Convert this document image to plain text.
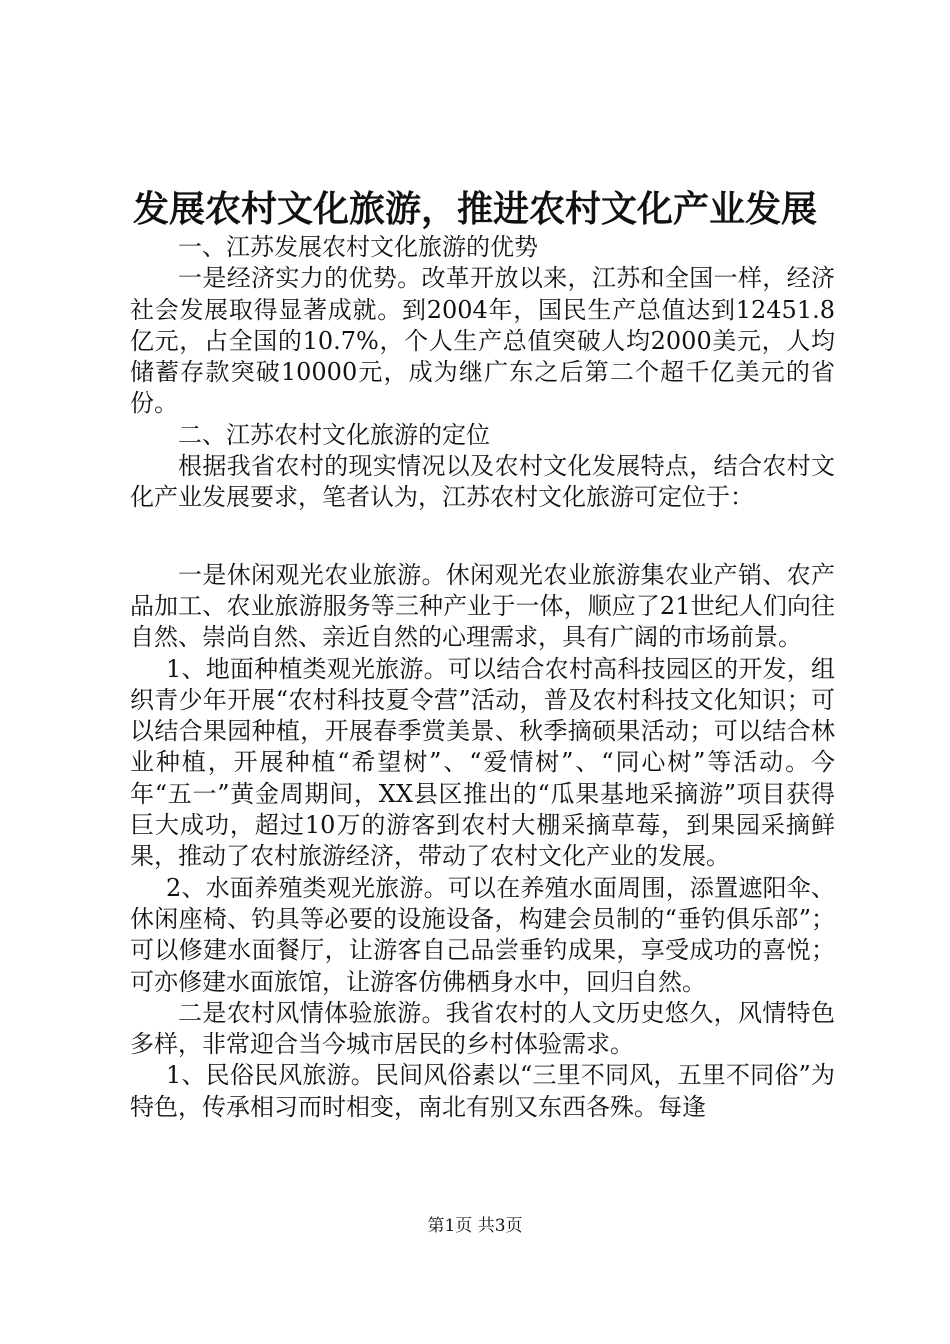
发展农村文化旅游，推进农村文化产业发展

一、江苏发展农村文化旅游的优势

一是经济实力的优势。改革开放以来，江苏和全国一样，经济社会发展取得显著成就。到2004年，国民生产总值达到12451.8亿元，占全国的10.7%，个人生产总值突破人均2000美元，人均储蓄存款突破10000元，成为继广东之后第二个超千亿美元的省份。

二、江苏农村文化旅游的定位

根据我省农村的现实情况以及农村文化发展特点，结合农村文化产业发展要求，笔者认为，江苏农村文化旅游可定位于：

一是休闲观光农业旅游。休闲观光农业旅游集农业产销、农产品加工、农业旅游服务等三种产业于一体，顺应了21世纪人们向往自然、崇尚自然、亲近自然的心理需求，具有广阔的市场前景。

1、地面种植类观光旅游。可以结合农村高科技园区的开发，组织青少年开展“农村科技夏令营”活动，普及农村科技文化知识；可以结合果园种植，开展春季赏美景、秋季摘硕果活动；可以结合林业种植，开展种植“希望树”、“爱情树”、“同心树”等活动。今年“五一”黄金周期间，XX县区推出的“瓜果基地采摘游”项目获得巨大成功，超过10万的游客到农村大棚采摘草莓，到果园采摘鲜果，推动了农村旅游经济，带动了农村文化产业的发展。

2、水面养殖类观光旅游。可以在养殖水面周围，添置遮阳伞、休闲座椅、钓具等必要的设施设备，构建会员制的“垂钓俱乐部”；可以修建水面餐厅，让游客自己品尝垂钓成果，享受成功的喜悦；可亦修建水面旅馆，让游客仿佛栖身水中，回归自然。

二是农村风情体验旅游。我省农村的人文历史悠久，风情特色多样，非常迎合当今城市居民的乡村体验需求。

1、民俗民风旅游。民间风俗素以“三里不同风，五里不同俗”为特色，传承相习而时相变，南北有别又东西各殊。每逢

第1页 共3页
